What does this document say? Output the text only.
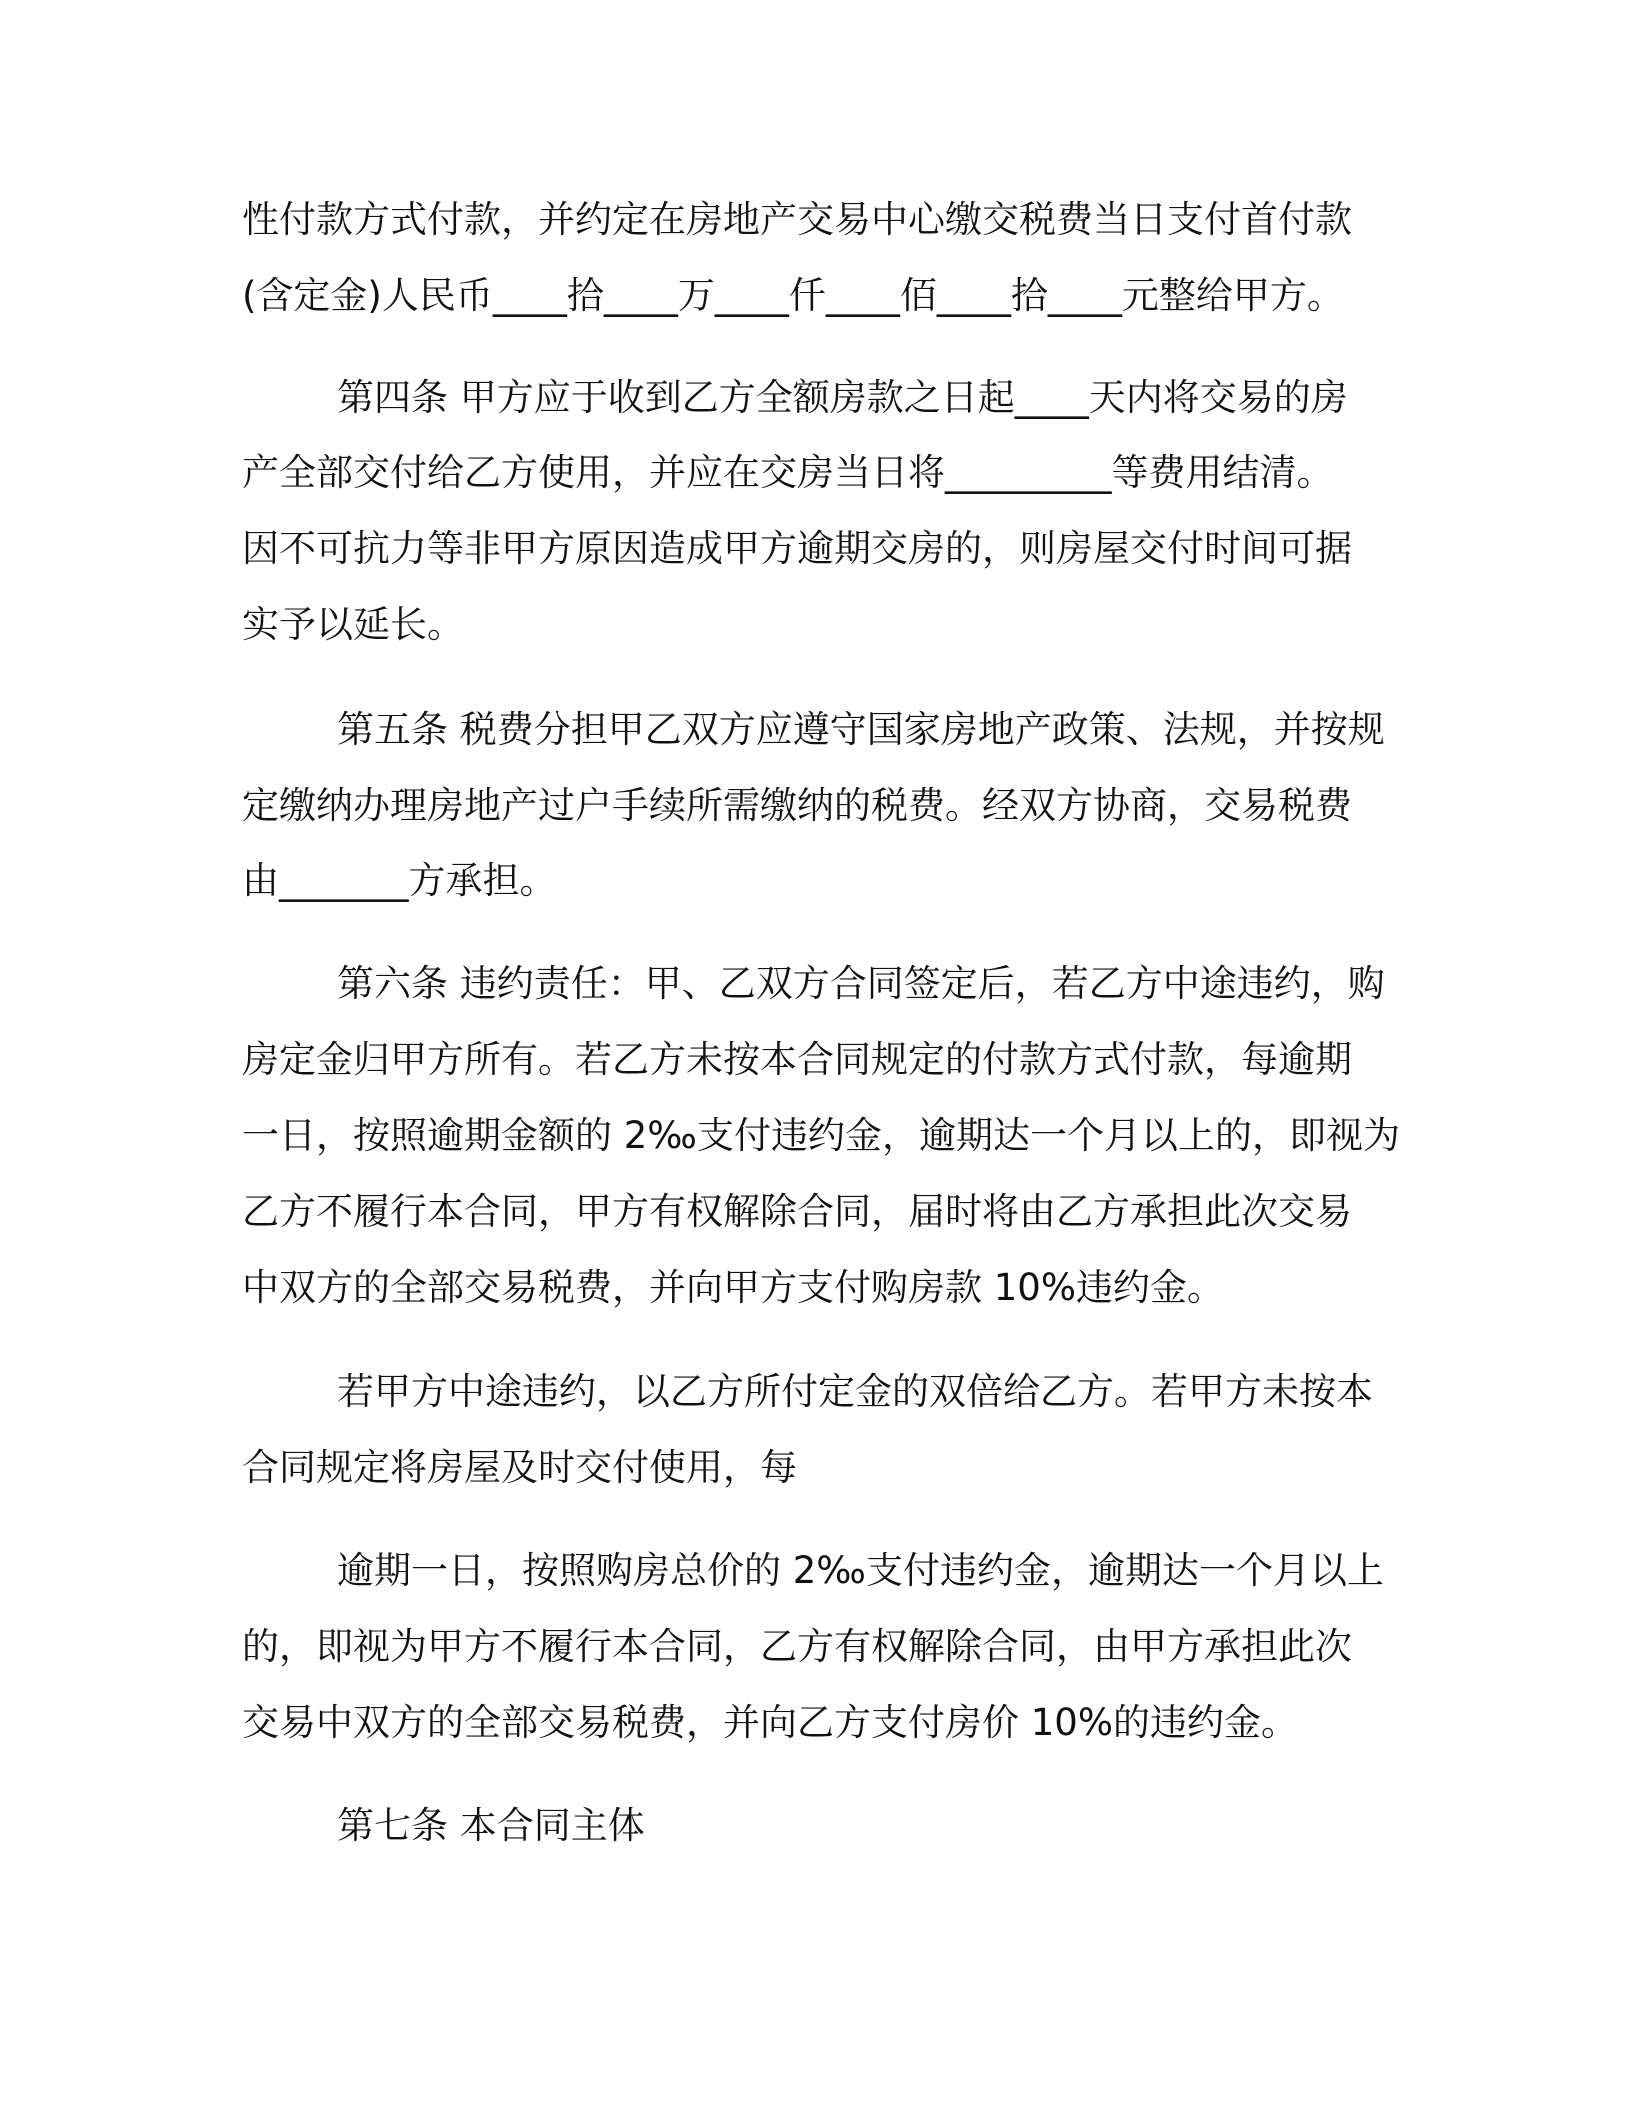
性付款方式付款，并约定在房地产交易中心缴交税费当日支付首付款
(含定金)人民币____拾____万____仟____佰____拾____元整给甲方。
第四条 甲方应于收到乙方全额房款之日起____天内将交易的房
产全部交付给乙方使用，并应在交房当日将_________等费用结清。
因不可抗力等非甲方原因造成甲方逾期交房的，则房屋交付时间可据
实予以延长。
第五条 税费分担甲乙双方应遵守国家房地产政策、法规，并按规
定缴纳办理房地产过户手续所需缴纳的税费。经双方协商，交易税费
由_______方承担。
第六条 违约责任：甲、乙双方合同签定后，若乙方中途违约，购
房定金归甲方所有。若乙方未按本合同规定的付款方式付款，每逾期
一日，按照逾期金额的 2‰支付违约金，逾期达一个月以上的，即视为
乙方不履行本合同，甲方有权解除合同，届时将由乙方承担此次交易
中双方的全部交易税费，并向甲方支付购房款 10%违约金。
若甲方中途违约，以乙方所付定金的双倍给乙方。若甲方未按本
合同规定将房屋及时交付使用，每
逾期一日，按照购房总价的 2‰支付违约金，逾期达一个月以上
的，即视为甲方不履行本合同，乙方有权解除合同，由甲方承担此次
交易中双方的全部交易税费，并向乙方支付房价 10%的违约金。
第七条 本合同主体
